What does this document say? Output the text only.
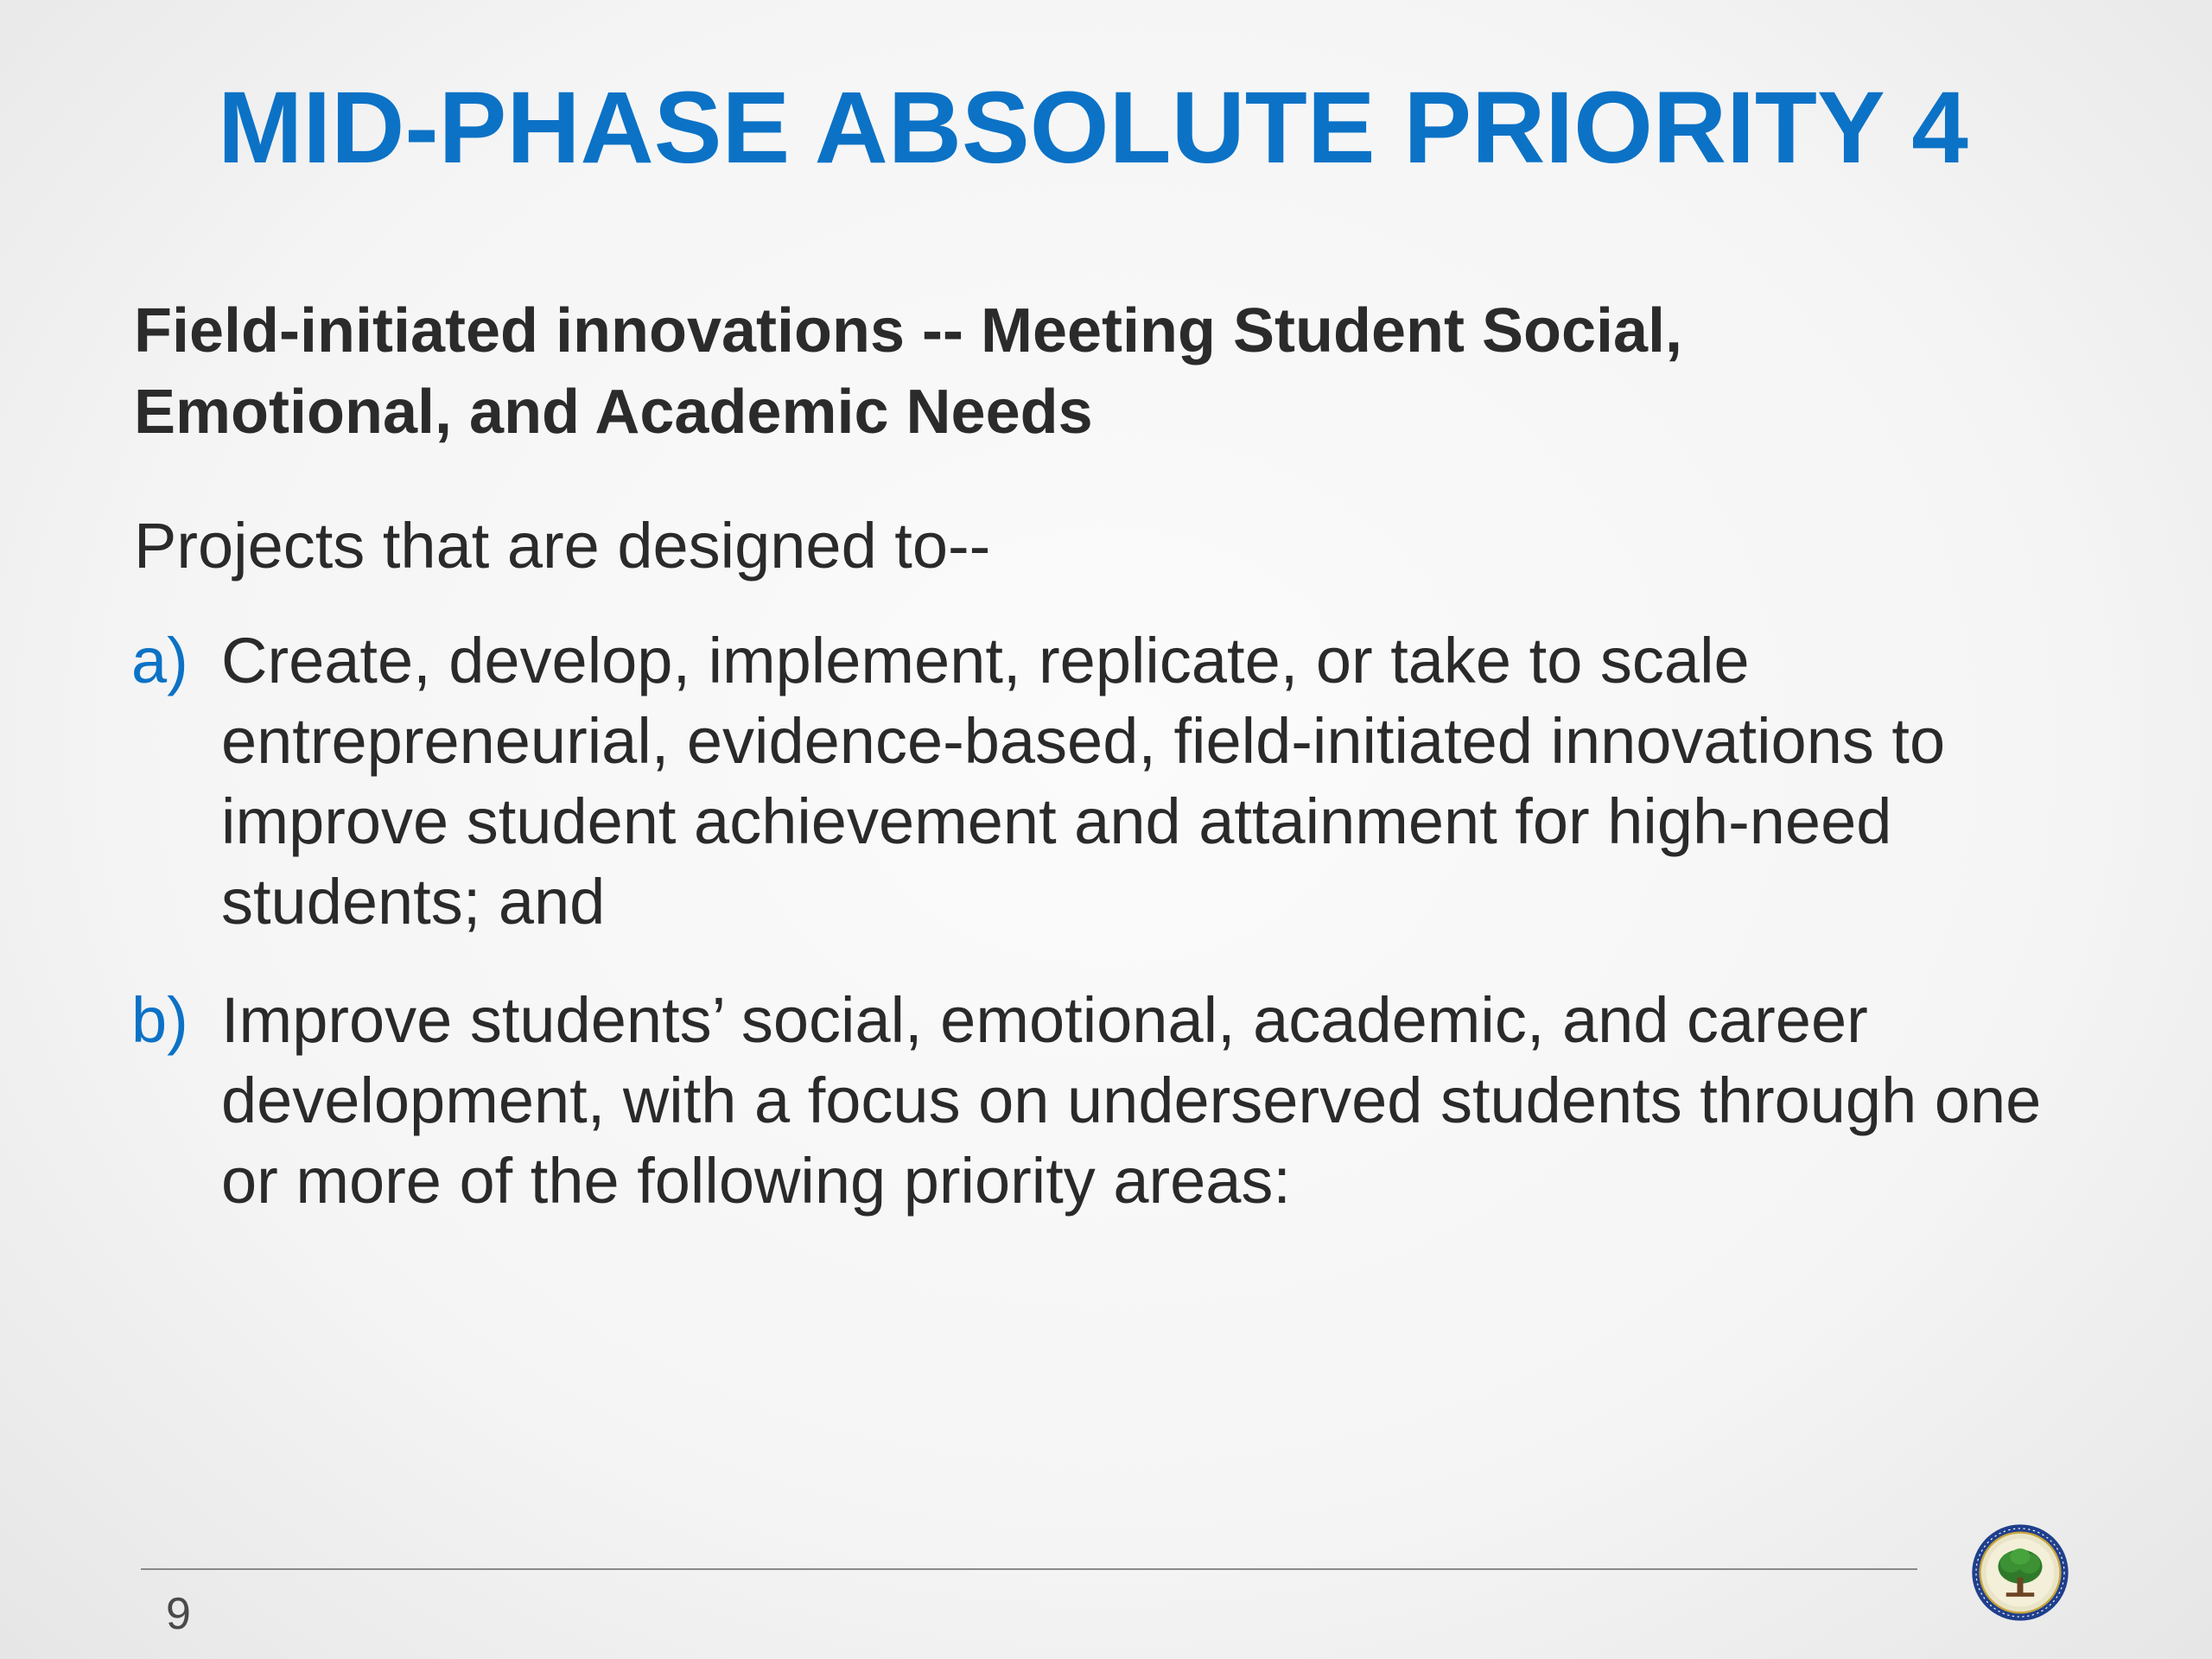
MID-PHASE ABSOLUTE PRIORITY 4
Field-initiated innovations -- Meeting Student Social,
Emotional, and Academic Needs
Projects that are designed to--
a) Create, develop, implement, replicate, or take to scale entrepreneurial, evidence-based, field-initiated innovations to improve student achievement and attainment for high-need students; and
b) Improve students’ social, emotional, academic, and career development, with a focus on underserved students through one or more of the following priority areas:
9
